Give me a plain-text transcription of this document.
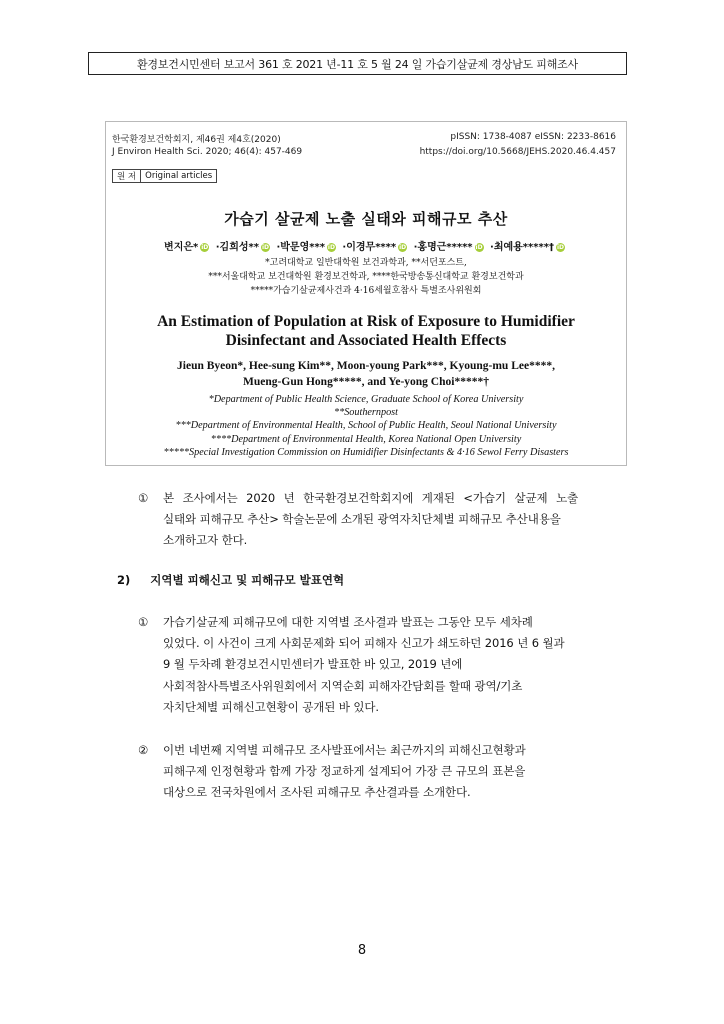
환경보건시민센터 보고서 361 호 2021 년-11 호 5 월 24 일 가습기살균제 경상남도 피해조사
한국환경보건학회지, 제46권 제4호(2020)
J Environ Health Sci. 2020; 46(4): 457-469
pISSN: 1738-4087 eISSN: 2233-8616
https://doi.org/10.5668/JEHS.2020.46.4.457
원 저	Original articles
가습기 살균제 노출 실태와 피해규모 추산
변지은* iD ·김희성** iD ·박문영*** iD ·이경무**** iD ·홍명근***** iD ·최예용*****† iD
*고려대학교 일반대학원 보건과학과, **서던포스트,
***서울대학교 보건대학원 환경보건학과, ****한국방송통신대학교 환경보건학과
*****가습기살균제사건과 4·16세월호참사 특별조사위원회
An Estimation of Population at Risk of Exposure to Humidifier
Disinfectant and Associated Health Effects
Jieun Byeon*, Hee-sung Kim**, Moon-young Park***, Kyoung-mu Lee****,
Mueng-Gun Hong*****, and Ye-yong Choi*****†
*Department of Public Health Science, Graduate School of Korea University
**Southernpost
***Department of Environmental Health, School of Public Health, Seoul National University
****Department of Environmental Health, Korea National Open University
*****Special Investigation Commission on Humidifier Disinfectants & 4·16 Sewol Ferry Disasters
① 본 조사에서는 2020 년 한국환경보건학회지에 게재된 <가습기 살균제 노출
실태와 피해규모 추산> 학술논문에 소개된 광역자치단체별 피해규모 추산내용을
소개하고자 한다.
2) 지역별 피해신고 및 피해규모 발표연혁
① 가습기살균제 피해규모에 대한 지역별 조사결과 발표는 그동안 모두 세차례
있었다. 이 사건이 크게 사회문제화 되어 피해자 신고가 쇄도하던 2016 년 6 월과
9 월 두차례 환경보건시민센터가 발표한 바 있고, 2019 년에
사회적참사특별조사위원회에서 지역순회 피해자간담회를 할때 광역/기초
자치단체별 피해신고현황이 공개된 바 있다.
② 이번 네번째 지역별 피해규모 조사발표에서는 최근까지의 피해신고현황과
피해구제 인정현황과 함께 가장 정교하게 설계되어 가장 큰 규모의 표본을
대상으로 전국차원에서 조사된 피해규모 추산결과를 소개한다.
8
